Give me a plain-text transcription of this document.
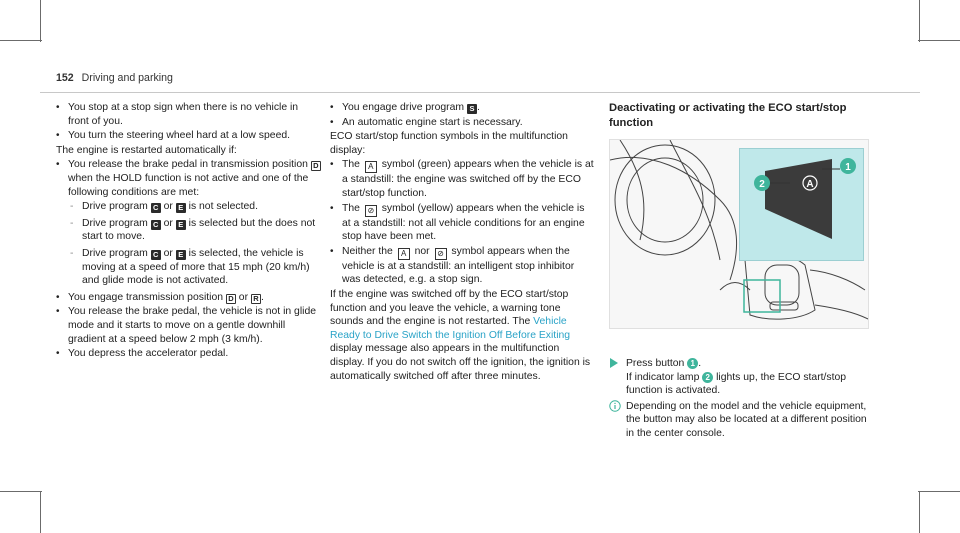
152 Driving and parking
• You stop at a stop sign when there is no vehicle in front of you.
• You turn the steering wheel hard at a low speed.

The engine is restarted automatically if:

• You release the brake pedal in transmission position D when the HOLD function is not active and one of the following conditions are met:
- Drive program C or E is not selected.
- Drive program C or E is selected but the does not start to move.
- Drive program C or E is selected, the vehicle is moving at a speed of more that 15 mph (20 km/h) and glide mode is not activated.
• You engage transmission position D or R .
• You release the brake pedal, the vehicle is not in glide mode and it starts to move on a gentle downhill gradient at a speed below 2 mph (3 km/h).
• You depress the accelerator pedal.
• You engage drive program S .
• An automatic engine start is necessary.

ECO start/stop function symbols in the multifunction display:

• The A symbol (green) appears when the vehicle is at a standstill: the engine was switched off by the ECO start/stop function.
• The ⊘ symbol (yellow) appears when the vehicle is at a standstill: not all vehicle conditions for an engine stop have been met.
• Neither the A nor ⊘ symbol appears when the vehicle is at a standstill: an intelligent stop inhibitor was detected, e.g. a stop sign.

If the engine was switched off by the ECO start/stop function and you leave the vehicle, a warning tone sounds and the engine is not restarted. The Vehicle Ready to Drive Switch the Ignition Off Before Exiting display message also appears in the multifunction display. If you do not switch off the ignition, the ignition is automatically switched off after three minutes.

Deactivating or activating the ECO start/stop function
A
1
2
Press button 1 .
If indicator lamp 2 lights up, the ECO start/stop function is activated.
Depending on the model and the vehicle equipment, the button may also be located at a different position in the center console.
